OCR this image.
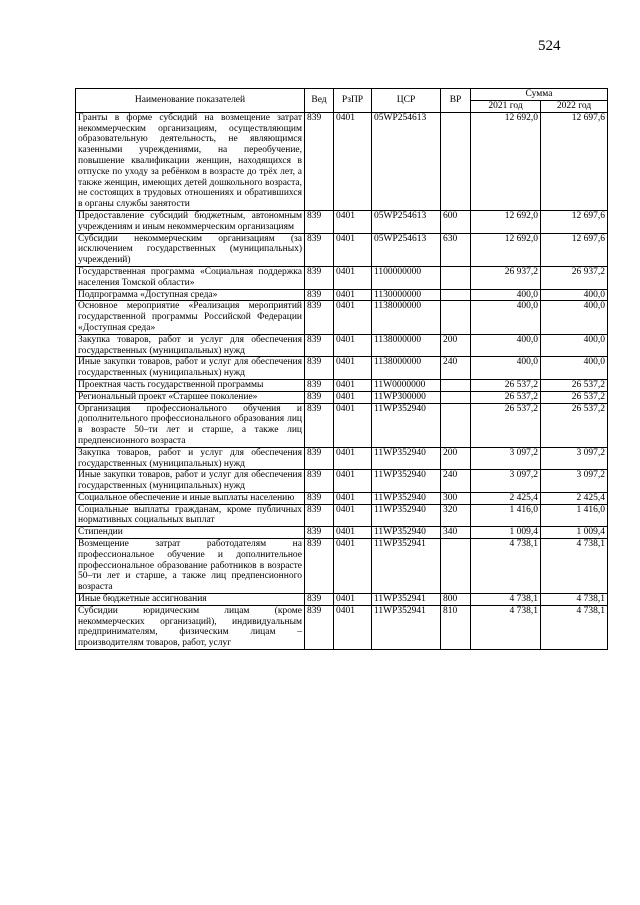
524
Наименование показателей	Вед	РзПР	ЦСР	ВР	Сумма	
					2021 год	2022 год
Гранты в форме субсидий на возмещение затрат некоммерческим организациям, осуществляющим образовательную деятельность, не являющимся казенными учреждениями, на переобучение, повышение квалификации женщин, находящихся в отпуске по уходу за ребёнком в возрасте до трёх лет, а также женщин, имеющих детей дошкольного возраста, не состоящих в трудовых отношениях и обратившихся в органы службы занятости	839	0401	05WP254613		12 692,0	12 697,6
Предоставление субсидий бюджетным, автономным учреждениям и иным некоммерческим организациям	839	0401	05WP254613	600	12 692,0	12 697,6
Субсидии некоммерческим организациям (за исключением государственных (муниципальных) учреждений)	839	0401	05WP254613	630	12 692,0	12 697,6
Государственная программа «Социальная поддержка населения Томской области»	839	0401	1100000000		26 937,2	26 937,2
Подпрограмма «Доступная среда»	839	0401	1130000000		400,0	400,0
Основное мероприятие «Реализация мероприятий государственной программы Российской Федерации «Доступная среда»	839	0401	1138000000		400,0	400,0
Закупка товаров, работ и услуг для обеспечения государственных (муниципальных) нужд	839	0401	1138000000	200	400,0	400,0
Иные закупки товаров, работ и услуг для обеспечения государственных (муниципальных) нужд	839	0401	1138000000	240	400,0	400,0
Проектная часть государственной программы	839	0401	11W0000000		26 537,2	26 537,2
Региональный проект «Старшее поколение»	839	0401	11WP300000		26 537,2	26 537,2
Организация профессионального обучения и дополнительного профессионального образования лиц в возрасте 50–ти лет и старше, а также лиц предпенсионного возраста	839	0401	11WP352940		26 537,2	26 537,2
Закупка товаров, работ и услуг для обеспечения государственных (муниципальных) нужд	839	0401	11WP352940	200	3 097,2	3 097,2
Иные закупки товаров, работ и услуг для обеспечения государственных (муниципальных) нужд	839	0401	11WP352940	240	3 097,2	3 097,2
Социальное обеспечение и иные выплаты населению	839	0401	11WP352940	300	2 425,4	2 425,4
Социальные выплаты гражданам, кроме публичных нормативных социальных выплат	839	0401	11WP352940	320	1 416,0	1 416,0
Стипендии	839	0401	11WP352940	340	1 009,4	1 009,4
Возмещение затрат работодателям на профессиональное обучение и дополнительное профессиональное образование работников в возрасте 50–ти лет и старше, а также лиц предпенсионного возраста	839	0401	11WP352941		4 738,1	4 738,1
Иные бюджетные ассигнования	839	0401	11WP352941	800	4 738,1	4 738,1
Субсидии юридическим лицам (кроме некоммерческих организаций), индивидуальным предпринимателям, физическим лицам – производителям товаров, работ, услуг	839	0401	11WP352941	810	4 738,1	4 738,1
